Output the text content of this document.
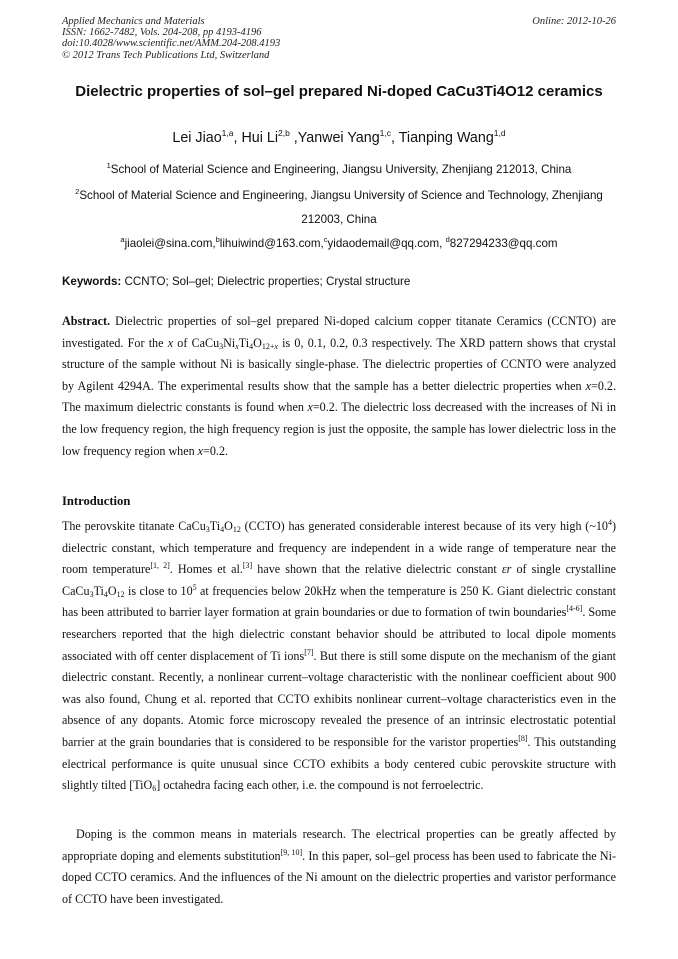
Applied Mechanics and Materials
ISSN: 1662-7482, Vols. 204-208, pp 4193-4196
doi:10.4028/www.scientific.net/AMM.204-208.4193
© 2012 Trans Tech Publications Ltd, Switzerland
Online: 2012-10-26
Dielectric properties of sol–gel prepared Ni-doped CaCu3Ti4O12 ceramics
Lei Jiao$^{1,a}$, Hui Li$^{2,b}$ ,Yanwei Yang$^{1,c}$, Tianping Wang$^{1,d}$
$^1$School of Material Science and Engineering, Jiangsu University, Zhenjiang 212013, China
$^2$School of Material Science and Engineering, Jiangsu University of Science and Technology, Zhenjiang 212003, China
$^a$jiaolei@sina.com,$^b$lihuiwind@163.com,$^c$yidaodemail@qq.com, $^d$827294233@qq.com
Keywords: CCNTO; Sol–gel; Dielectric properties; Crystal structure
Abstract. Dielectric properties of sol–gel prepared Ni-doped calcium copper titanate Ceramics (CCNTO) are investigated. For the x of $CaCu_3Ni_xTi_4O_{12+x}$ is 0, 0.1, 0.2, 0.3 respectively. The XRD pattern shows that crystal structure of the sample without Ni is basically single-phase. The dielectric properties of CCNTO were analyzed by Agilent 4294A. The experimental results show that the sample has a better dielectric properties when x=0.2. The maximum dielectric constants is found when x=0.2. The dielectric loss decreased with the increases of Ni in the low frequency region, the high frequency region is just the opposite, the sample has lower dielectric loss in the low frequency region when x=0.2.
Introduction
The perovskite titanate $CaCu_3Ti_4O_{12}$ (CCTO) has generated considerable interest because of its very high $(\sim 10^4)$ dielectric constant, which temperature and frequency are independent in a wide range of temperature near the room temperature[1, 2]. Homes et al.[3] have shown that the relative dielectric constant εr of single crystalline $CaCu_3Ti_4O_{12}$ is close to $10^5$ at frequencies below 20kHz when the temperature is 250 K. Giant dielectric constant has been attributed to barrier layer formation at grain boundaries or due to formation of twin boundaries[4-6]. Some researchers reported that the high dielectric constant behavior should be attributed to local dipole moments associated with off center displacement of Ti ions[7]. But there is still some dispute on the mechanism of the giant dielectric constant. Recently, a nonlinear current–voltage characteristic with the nonlinear coefficient about 900 was also found, Chung et al. reported that CCTO exhibits nonlinear current–voltage characteristics even in the absence of any dopants. Atomic force microscopy revealed the presence of an intrinsic electrostatic potential barrier at the grain boundaries that is considered to be responsible for the varistor properties[8]. This outstanding electrical performance is quite unusual since CCTO exhibits a body centered cubic perovskite structure with slightly tilted [TiO$_6$] octahedra facing each other, i.e. the compound is not ferroelectric.
Doping is the common means in materials research. The electrical properties can be greatly affected by appropriate doping and elements substitution[9, 10]. In this paper, sol–gel process has been used to fabricate the Ni-doped CCTO ceramics. And the influences of the Ni amount on the dielectric properties and varistor performance of CCTO have been investigated.
